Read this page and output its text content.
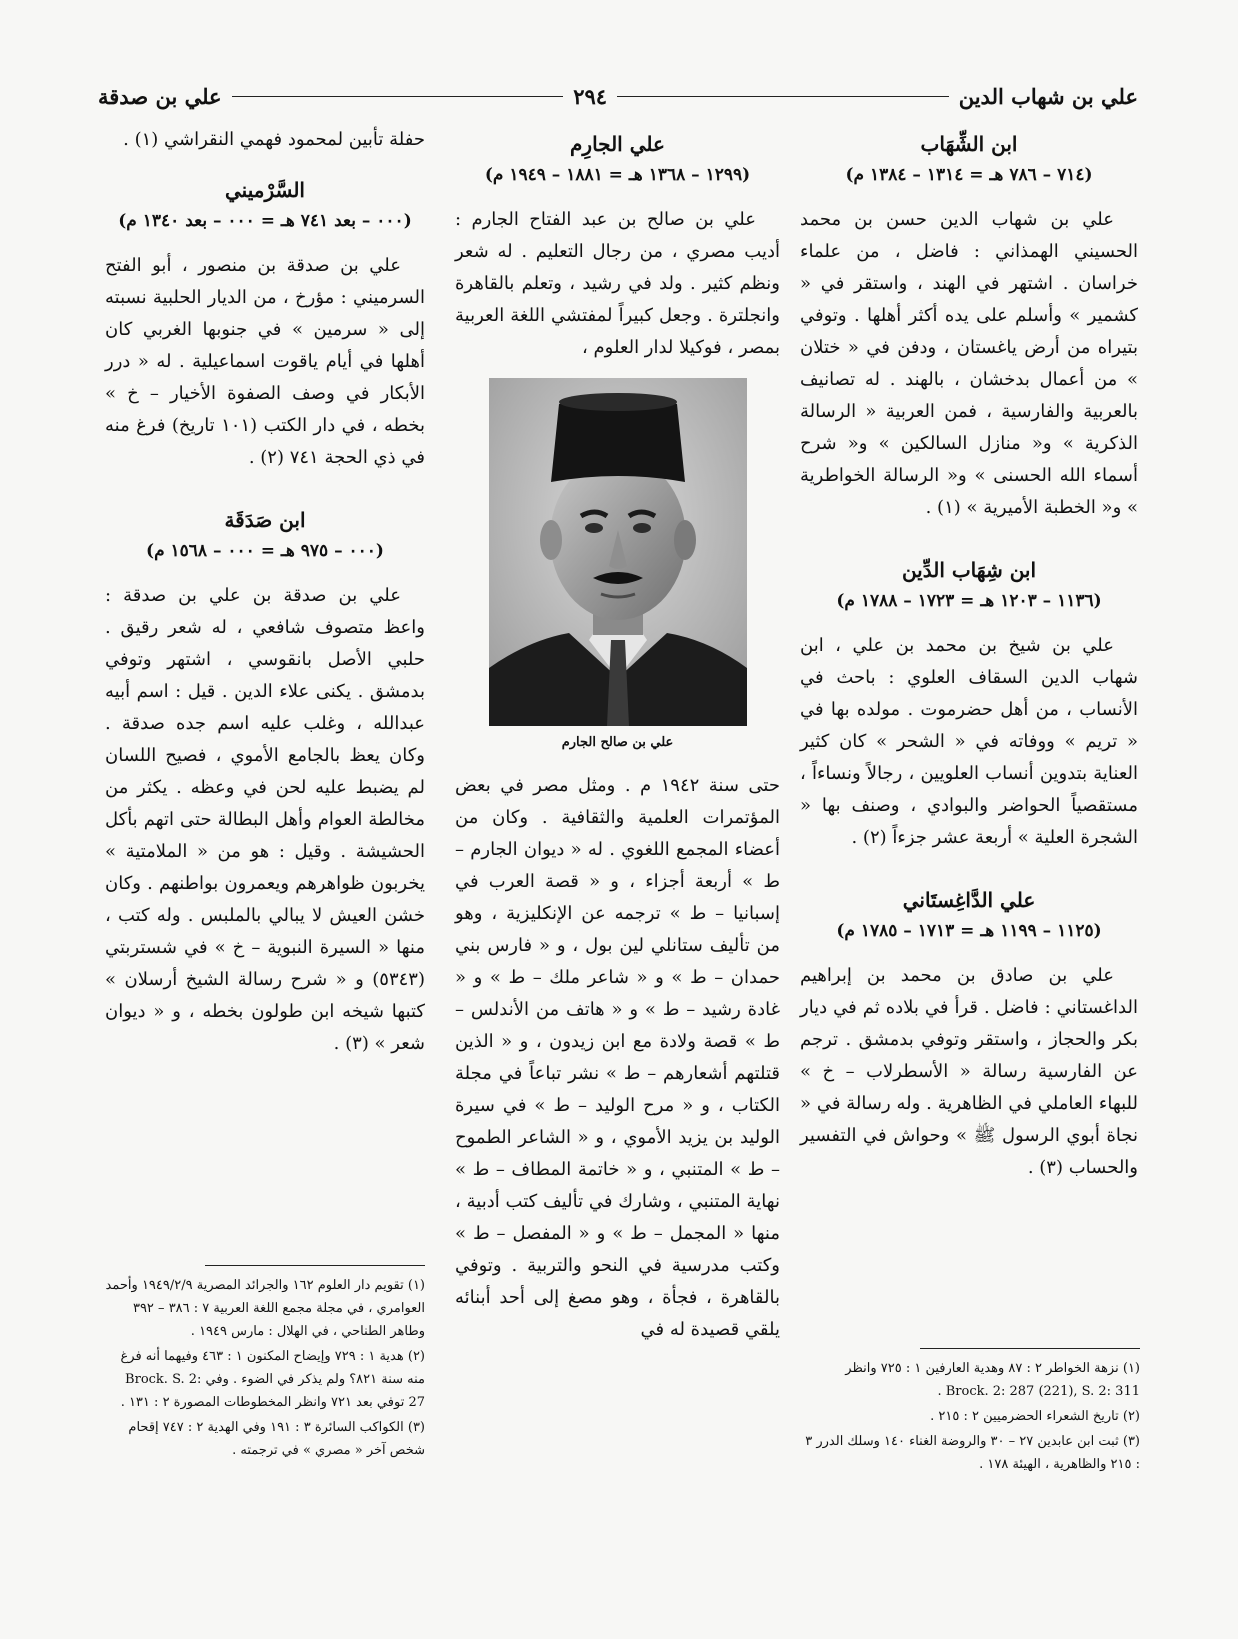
علي بن شهاب الدين
٢٩٤
علي بن صدقة
ابن الشِّهَاب
(٧١٤ – ٧٨٦ هـ = ١٣١٤ – ١٣٨٤ م)

علي بن شهاب الدين حسن بن محمد الحسيني الهمذاني : فاضل ، من علماء خراسان . اشتهر في الهند ، واستقر في « كشمير » وأسلم على يده أكثر أهلها . وتوفي بتيراه من أرض ياغستان ، ودفن في « ختلان » من أعمال بدخشان ، بالهند . له تصانيف بالعربية والفارسية ، فمن العربية « الرسالة الذكرية » و« منازل السالكين » و« شرح أسماء الله الحسنى » و« الرسالة الخواطرية » و« الخطبة الأميرية » (١) .

ابن شِهَاب الدِّين
(١١٣٦ – ١٢٠٣ هـ = ١٧٢٣ – ١٧٨٨ م)

علي بن شيخ بن محمد بن علي ، ابن شهاب الدين السقاف العلوي : باحث في الأنساب ، من أهل حضرموت . مولده بها في « تريم » ووفاته في « الشحر » كان كثير العناية بتدوين أنساب العلويين ، رجالاً ونساءاً ، مستقصياً الحواضر والبوادي ، وصنف بها « الشجرة العلية » أربعة عشر جزءاً (٢) .

علي الدَّاغِستَاني
(١١٢٥ – ١١٩٩ هـ = ١٧١٣ – ١٧٨٥ م)

علي بن صادق بن محمد بن إبراهيم الداغستاني : فاضل . قرأ في بلاده ثم في ديار بكر والحجاز ، واستقر وتوفي بدمشق . ترجم عن الفارسية رسالة « الأسطرلاب – خ » للبهاء العاملي في الظاهرية . وله رسالة في « نجاة أبوي الرسول ﷺ » وحواش في التفسير والحساب (٣) .

علي الجارِم
(١٢٩٩ – ١٣٦٨ هـ = ١٨٨١ – ١٩٤٩ م)

علي بن صالح بن عبد الفتاح الجارم : أديب مصري ، من رجال التعليم . له شعر ونظم كثير . ولد في رشيد ، وتعلم بالقاهرة وانجلترة . وجعل كبيراً لمفتشي اللغة العربية بمصر ، فوكيلا لدار العلوم ،

علي بن صالح الجارم

حتى سنة ١٩٤٢ م . ومثل مصر في بعض المؤتمرات العلمية والثقافية . وكان من أعضاء المجمع اللغوي . له « ديوان الجارم – ط » أربعة أجزاء ، و « قصة العرب في إسبانيا – ط » ترجمه عن الإنكليزية ، وهو من تأليف ستانلي لين بول ، و « فارس بني حمدان – ط » و « شاعر ملك – ط » و « غادة رشيد – ط » و « هاتف من الأندلس – ط » قصة ولادة مع ابن زيدون ، و « الذين قتلتهم أشعارهم – ط » نشر تباعاً في مجلة الكتاب ، و « مرح الوليد – ط » في سيرة الوليد بن يزيد الأموي ، و « الشاعر الطموح – ط » المتنبي ، و « خاتمة المطاف – ط » نهاية المتنبي ، وشارك في تأليف كتب أدبية ، منها « المجمل – ط » و « المفصل – ط » وكتب مدرسية في النحو والتربية . وتوفي بالقاهرة ، فجأة ، وهو مصغ إلى أحد أبنائه يلقي قصيدة له في

حفلة تأبين لمحمود فهمي النقراشي (١) .

السَّرْميني
(٠٠٠ – بعد ٧٤١ هـ = ٠٠٠ – بعد ١٣٤٠ م)

علي بن صدقة بن منصور ، أبو الفتح السرميني : مؤرخ ، من الديار الحلبية نسبته إلى « سرمين » في جنوبها الغربي كان أهلها في أيام ياقوت اسماعيلية . له « درر الأبكار في وصف الصفوة الأخيار – خ » بخطه ، في دار الكتب (١٠١ تاريخ) فرغ منه في ذي الحجة ٧٤١ (٢) .

ابن صَدَقَة
(٠٠٠ – ٩٧٥ هـ = ٠٠٠ – ١٥٦٨ م)

علي بن صدقة بن علي بن صدقة : واعظ متصوف شافعي ، له شعر رقيق . حلبي الأصل بانقوسي ، اشتهر وتوفي بدمشق . يكنى علاء الدين . قيل : اسم أبيه عبدالله ، وغلب عليه اسم جده صدقة . وكان يعظ بالجامع الأموي ، فصيح اللسان لم يضبط عليه لحن في وعظه . يكثر من مخالطة العوام وأهل البطالة حتى اتهم بأكل الحشيشة . وقيل : هو من « الملامتية » يخربون ظواهرهم ويعمرون بواطنهم . وكان خشن العيش لا يبالي بالملبس . وله كتب ، منها « السيرة النبوية – خ » في شستربتي (٥٣٤٣) و « شرح رسالة الشيخ أرسلان » كتبها شيخه ابن طولون بخطه ، و « ديوان شعر » (٣) .

(١) تقويم دار العلوم ١٦٢ والجرائد المصرية ١٩٤٩/٢/٩ وأحمد العوامري ، في مجلة مجمع اللغة العربية ٧ : ٣٨٦ – ٣٩٢ وطاهر الطناحي ، في الهلال : مارس ١٩٤٩ .

(٢) هدية ١ : ٧٢٩ وإيضاح المكنون ١ : ٤٦٣ وفيهما أنه فرغ منه سنة ٨٢١؟ ولم يذكر في الضوء . وفي Brock. S. 2: 27 توفي بعد ٧٢١ وانظر المخطوطات المصورة ٢ : ١٣١ .

(٣) الكواكب السائرة ٣ : ١٩١ وفي الهدية ٢ : ٧٤٧ إقحام شخص آخر « مصري » في ترجمته .

(١) نزهة الخواطر ٢ : ٨٧ وهدية العارفين ١ : ٧٢٥ وانظر Brock. 2: 287 (221), S. 2: 311 .

(٢) تاريخ الشعراء الحضرميين ٢ : ٢١٥ .

(٣) ثبت ابن عابدين ٢٧ – ٣٠ والروضة الغناء ١٤٠ وسلك الدرر ٣ : ٢١٥ والظاهرية ، الهيئة ١٧٨ .
